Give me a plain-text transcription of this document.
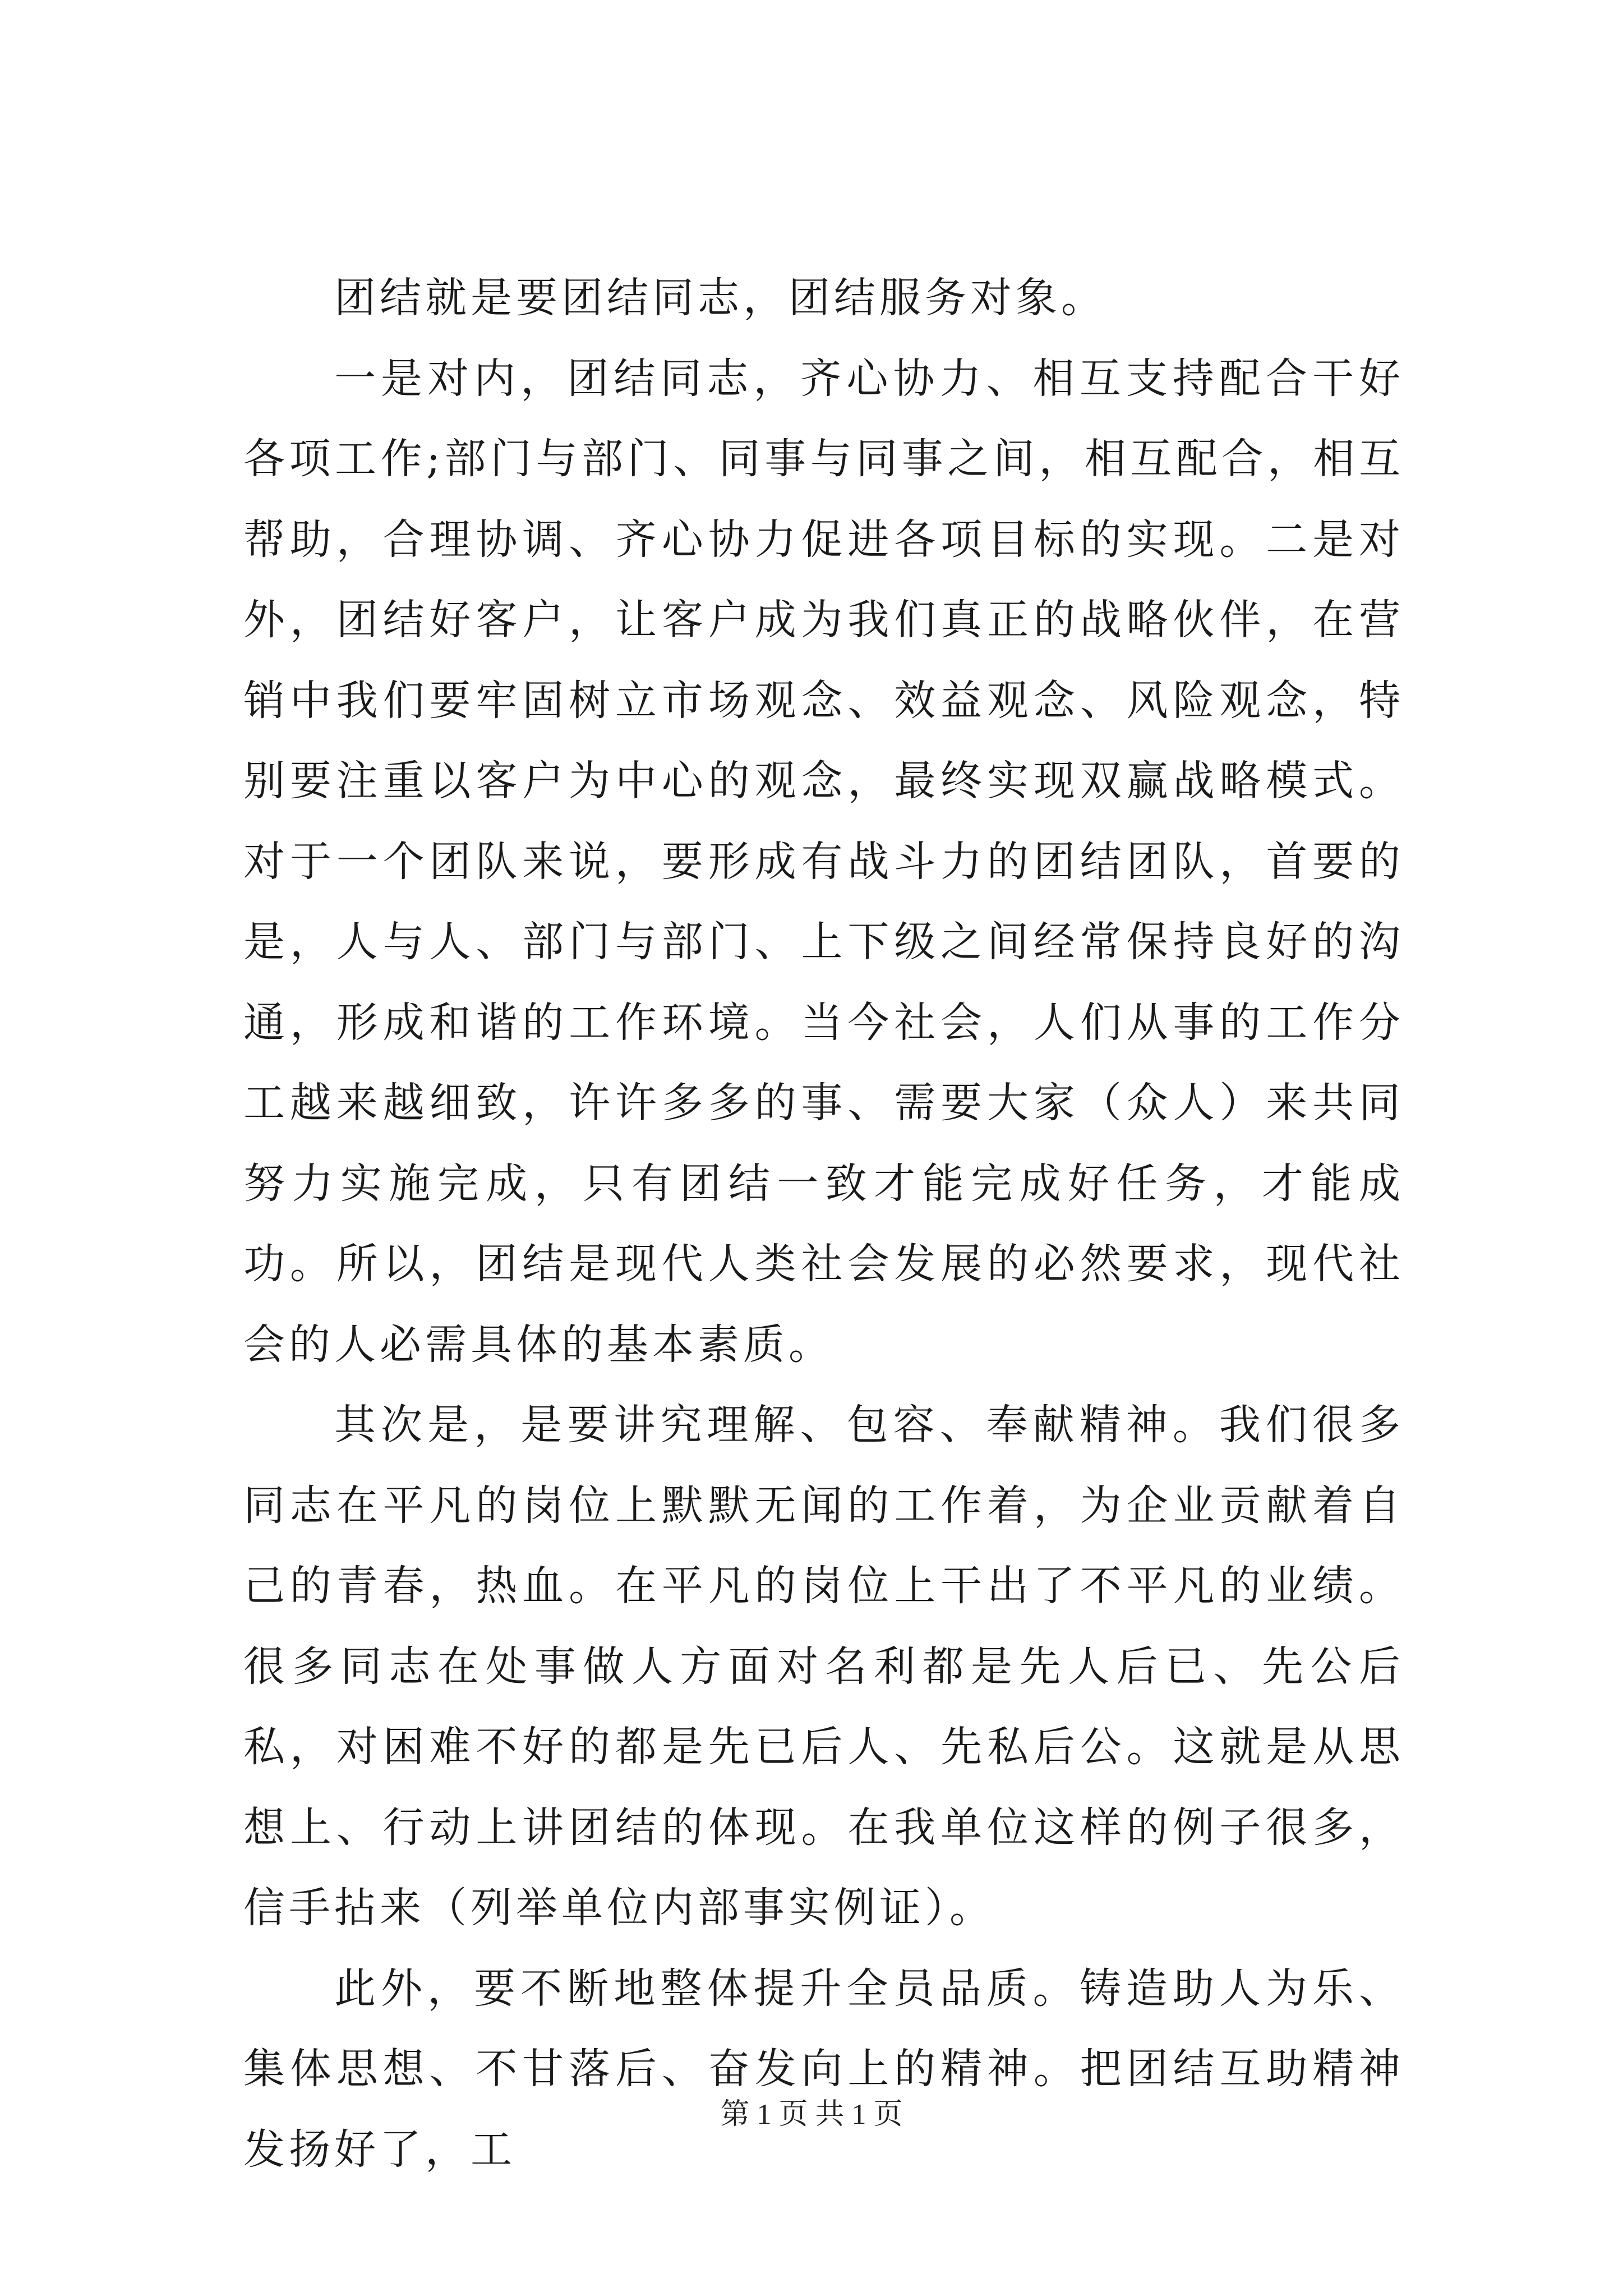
团结就是要团结同志，团结服务对象。

一是对内，团结同志，齐心协力、相互支持配合干好各项工作;部门与部门、同事与同事之间，相互配合，相互帮助，合理协调、齐心协力促进各项目标的实现。二是对外，团结好客户，让客户成为我们真正的战略伙伴，在营销中我们要牢固树立市场观念、效益观念、风险观念，特别要注重以客户为中心的观念，最终实现双赢战略模式。对于一个团队来说，要形成有战斗力的团结团队，首要的是，人与人、部门与部门、上下级之间经常保持良好的沟通，形成和谐的工作环境。当今社会，人们从事的工作分工越来越细致，许许多多的事、需要大家（众人）来共同努力实施完成，只有团结一致才能完成好任务，才能成功。所以，团结是现代人类社会发展的必然要求，现代社会的人必需具体的基本素质。

其次是，是要讲究理解、包容、奉献精神。我们很多同志在平凡的岗位上默默无闻的工作着，为企业贡献着自己的青春，热血。在平凡的岗位上干出了不平凡的业绩。很多同志在处事做人方面对名利都是先人后已、先公后私，对困难不好的都是先已后人、先私后公。这就是从思想上、行动上讲团结的体现。在我单位这样的例子很多，信手拈来（列举单位内部事实例证）。

此外，要不断地整体提升全员品质。铸造助人为乐、集体思想、不甘落后、奋发向上的精神。把团结互助精神发扬好了，工

第 1 页 共 1 页
